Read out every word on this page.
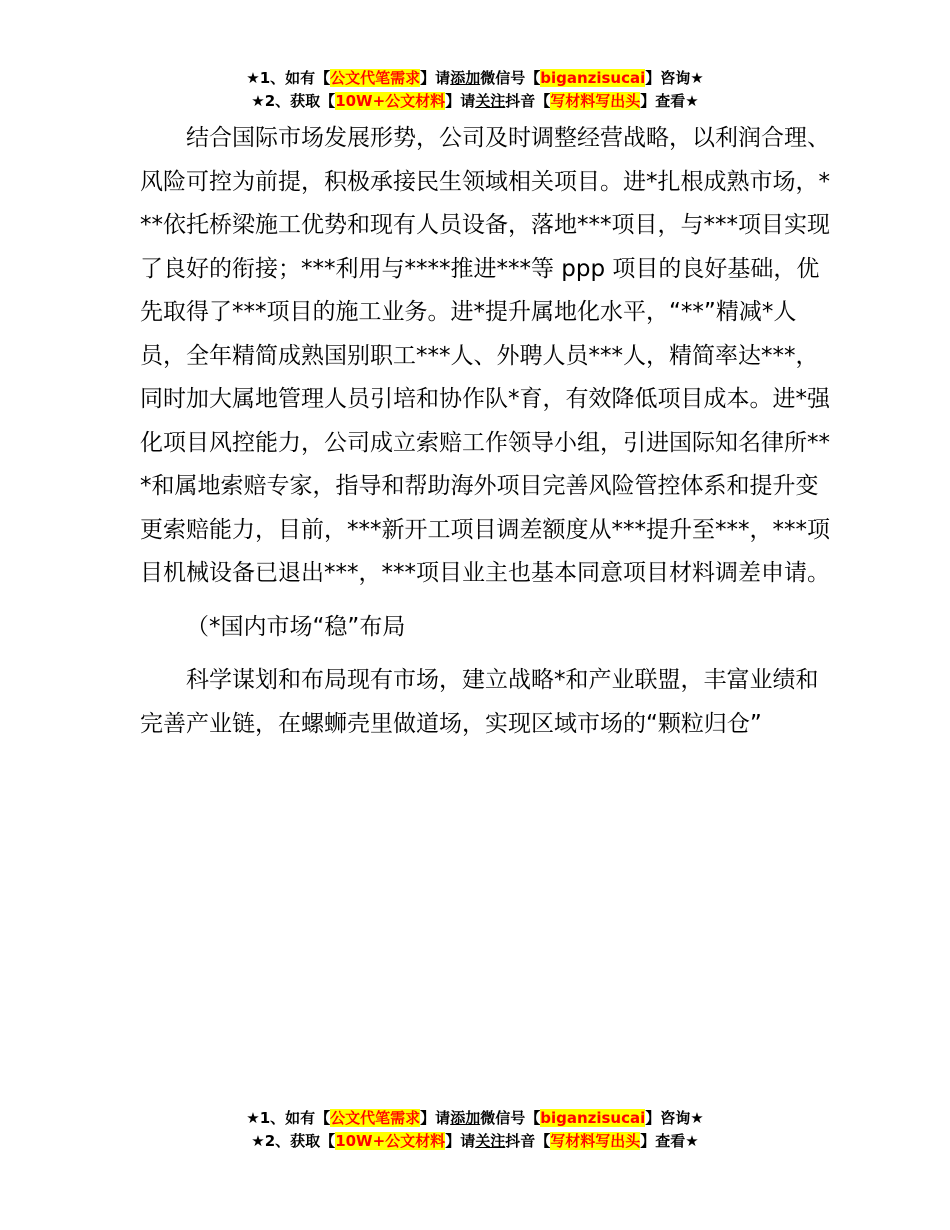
★1、如有【公文代笔需求】请添加微信号【biganzisucai】咨询★
★2、获取【10W+公文材料】请关注抖音【写材料写出头】查看★

结合国际市场发展形势，公司及时调整经营战略，以利润合理、风险可控为前提，积极承接民生领域相关项目。进*扎根成熟市场，***依托桥梁施工优势和现有人员设备，落地***项目，与***项目实现了良好的衔接；***利用与****推进***等 ppp 项目的良好基础，优先取得了***项目的施工业务。进*提升属地化水平，“**”精减*人员，全年精简成熟国别职工***人、外聘人员***人，精简率达***，同时加大属地管理人员引培和协作队*育，有效降低项目成本。进*强化项目风控能力，公司成立索赔工作领导小组，引进国际知名律所***和属地索赔专家，指导和帮助海外项目完善风险管控体系和提升变更索赔能力，目前，***新开工项目调差额度从***提升至***，***项目机械设备已退出***，***项目业主也基本同意项目材料调差申请。

（*国内市场“稳”布局

科学谋划和布局现有市场，建立战略*和产业联盟，丰富业绩和完善产业链，在螺蛳壳里做道场，实现区域市场的“颗粒归仓”

★1、如有【公文代笔需求】请添加微信号【biganzisucai】咨询★
★2、获取【10W+公文材料】请关注抖音【写材料写出头】查看★
